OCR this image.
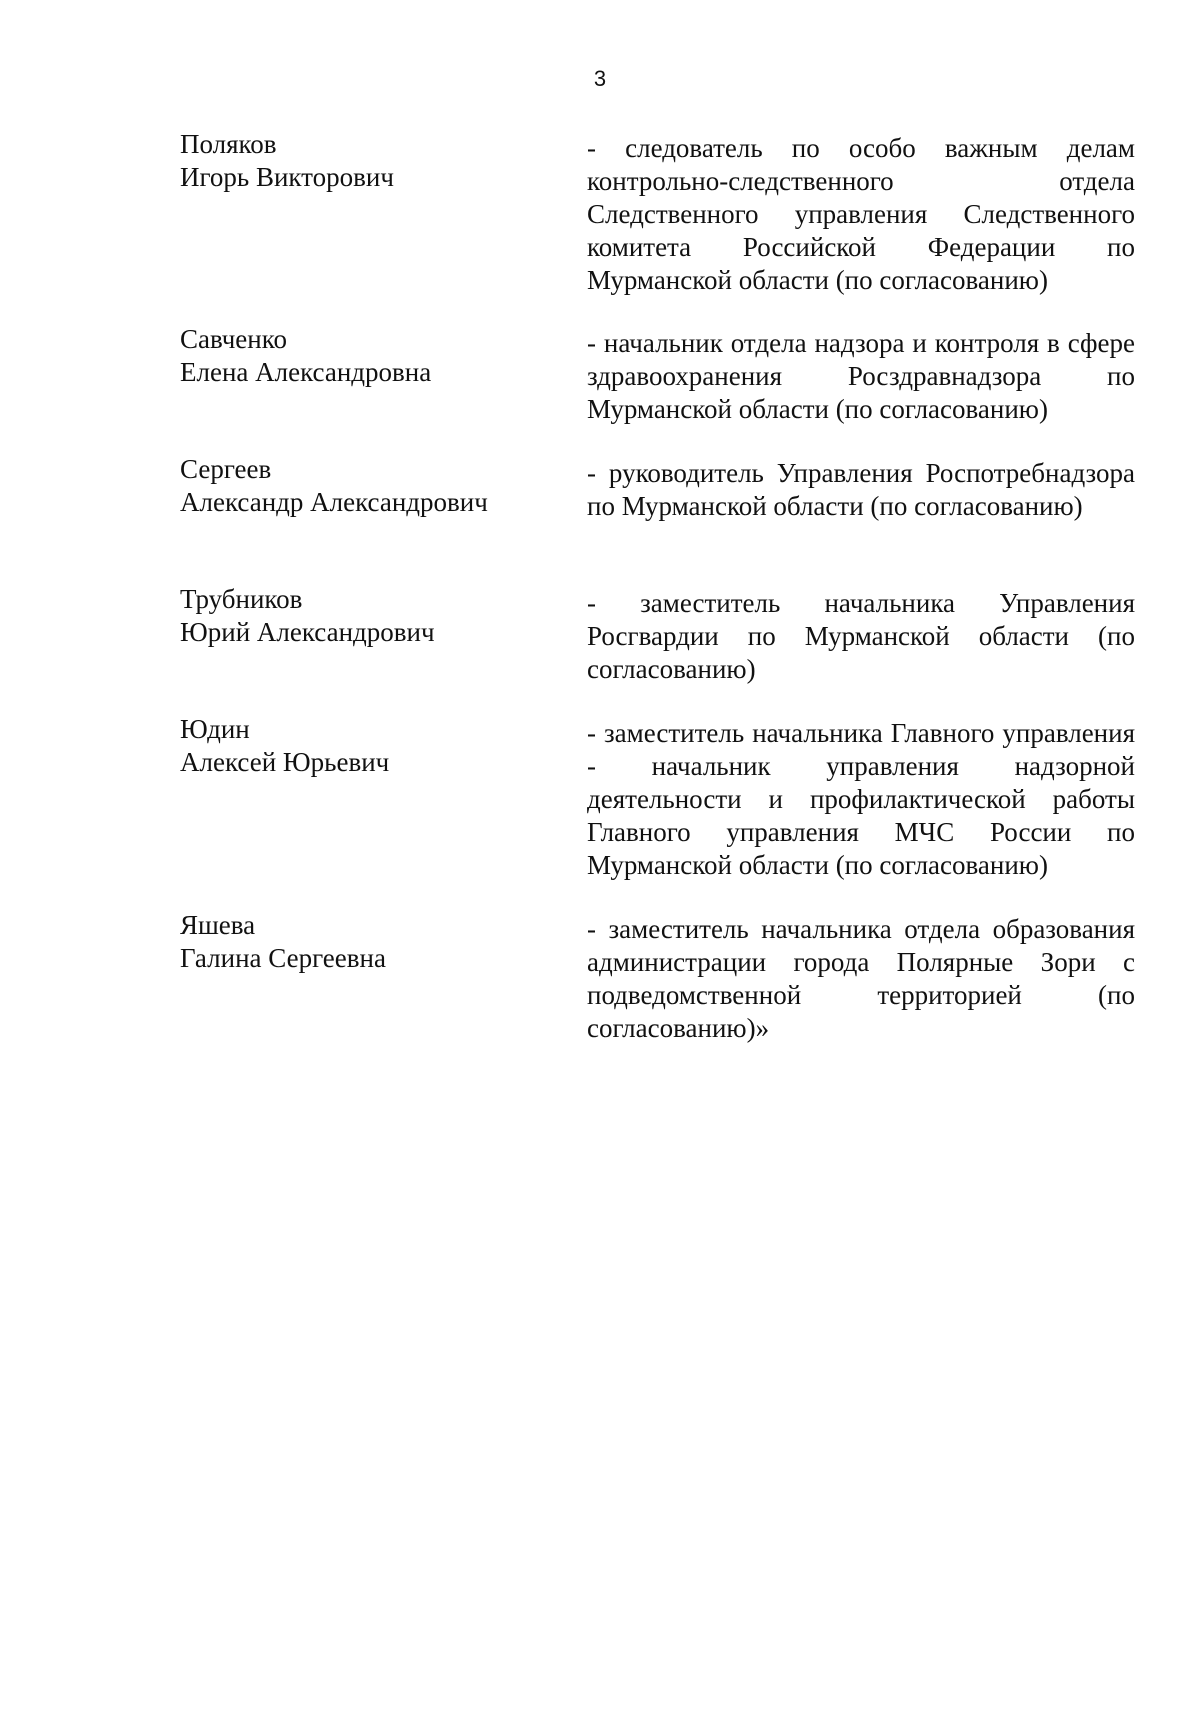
3
Поляков
Игорь Викторович
- следователь по особо важным делам контрольно-следственного отдела Следственного управления Следственного комитета Российской Федерации по Мурманской области (по согласованию)
Савченко
Елена Александровна
- начальник отдела надзора и контроля в сфере здравоохранения Росздравнадзора по Мурманской области (по согласованию)
Сергеев
Александр Александрович
- руководитель Управления Роспотребнадзора по Мурманской области (по согласованию)
Трубников
Юрий Александрович
- заместитель начальника Управления Росгвардии по Мурманской области (по согласованию)
Юдин
Алексей Юрьевич
- заместитель начальника Главного управления - начальник управления надзорной деятельности и профилактической работы Главного управления МЧС России по Мурманской области (по согласованию)
Яшева
Галина Сергеевна
- заместитель начальника отдела образования администрации города Полярные Зори с подведомственной территорией (по согласованию)»
